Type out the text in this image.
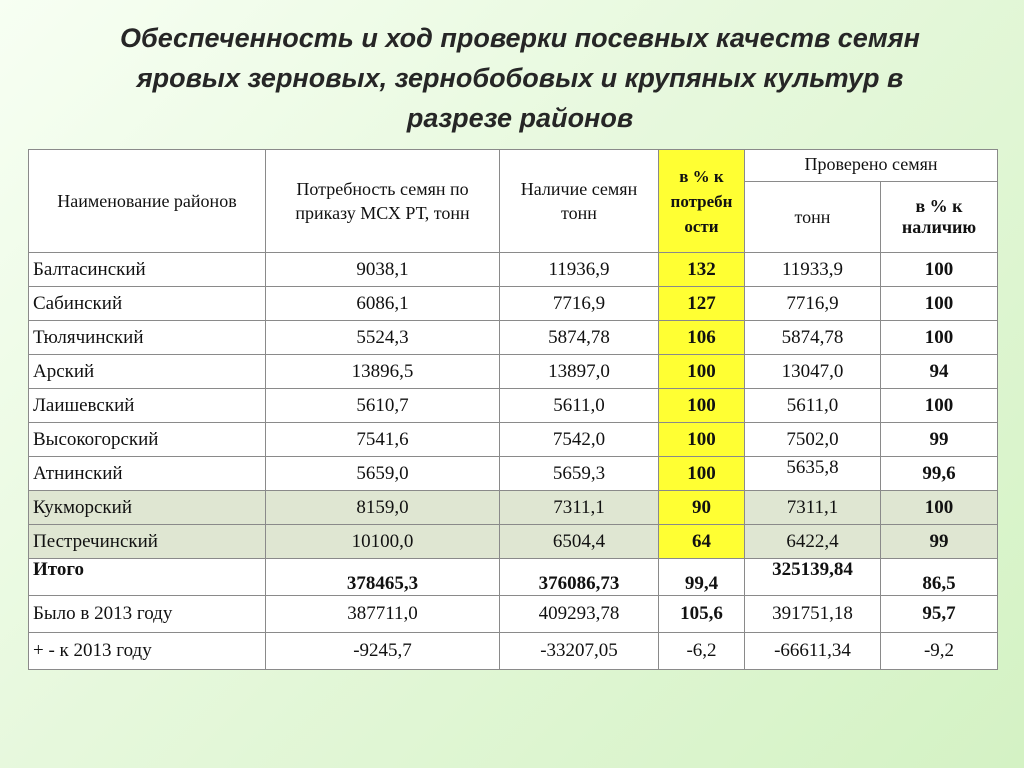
Обеспеченность и ход проверки посевных качеств семян
яровых зерновых, зернобобовых и крупяных культур в
разрезе районов
Наименование районов	Потребность семян по приказу МСХ РТ, тонн	Наличие семян тонн	в % к потребн ости	Проверено семян	
				тонн	в % к наличию
Балтасинский	9038,1	11936,9	132	11933,9	100
Сабинский	6086,1	7716,9	127	7716,9	100
Тюлячинский	5524,3	5874,78	106	5874,78	100
Арский	13896,5	13897,0	100	13047,0	94
Лаишевский	5610,7	5611,0	100	5611,0	100
Высокогорский	7541,6	7542,0	100	7502,0	99
Атнинский	5659,0	5659,3	100	5635,8	99,6
Кукморский	8159,0	7311,1	90	7311,1	100
Пестречинский	10100,0	6504,4	64	6422,4	99
Итого	378465,3	376086,73	99,4	325139,84	86,5
Было в 2013 году	387711,0	409293,78	105,6	391751,18	95,7
+ - к 2013 году	-9245,7	-33207,05	-6,2	-66611,34	-9,2
